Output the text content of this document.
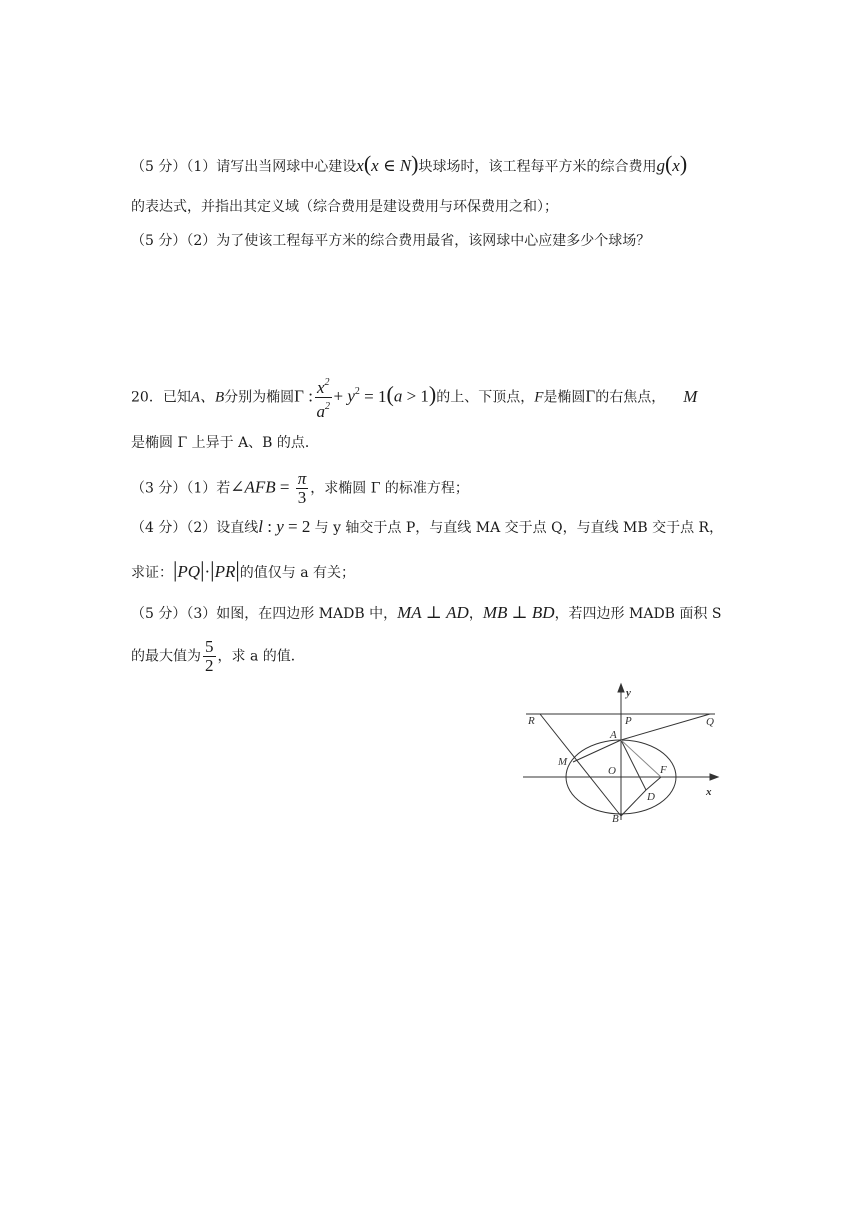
（5 分）（1）请写出当网球中心建设x(x ∈ N)块球场时，该工程每平方米的综合费用g(x)
的表达式，并指出其定义域（综合费用是建设费用与环保费用之和）；
（5 分）（2）为了使该工程每平方米的综合费用最省，该网球中心应建多少个球场？
20．已知A、B分别为椭圆Γ : $\frac{x^2}{a^2} + y^2 = 1(a > 1)$的上、下顶点，F是椭圆Γ的右焦点， M
是椭圆 Γ 上异于 A、B 的点．
（3 分）（1）若∠AFB = $\frac{\pi}{3}$ ，求椭圆 Γ 的标准方程；
（4 分）（2）设直线l : y = 2 与 y 轴交于点 P，与直线 MA 交于点 Q，与直线 MB 交于点 R，
求证：|PQ|·|PR|的值仅与 a 有关；
（5 分）（3）如图，在四边形 MADB 中，MA ⊥ AD，MB ⊥ BD，若四边形 MADB 面积 S
的最大值为 $\frac{5}{2}$ ，求 a 的值．
R	P	Q
A
M
O	F
D
B
x
y
